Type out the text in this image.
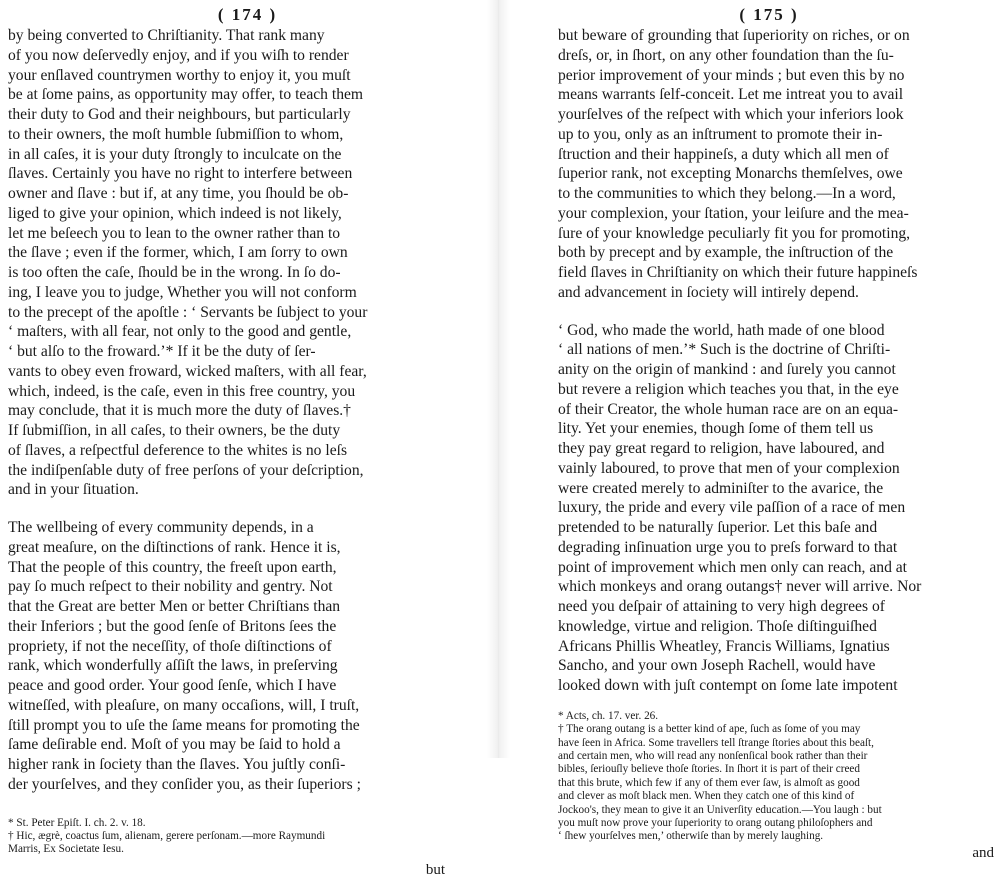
( 174 )

by being converted to Chriſtianity. That rank many
of you now deſervedly enjoy, and if you wiſh to render
your enſlaved countrymen worthy to enjoy it, you muſt
be at ſome pains, as opportunity may offer, to teach them
their duty to God and their neighbours, but particularly
to their owners, the moſt humble ſubmiſſion to whom,
in all caſes, it is your duty ſtrongly to inculcate on the
ſlaves. Certainly you have no right to interfere between
owner and ſlave : but if, at any time, you ſhould be ob-
liged to give your opinion, which indeed is not likely,
let me beſeech you to lean to the owner rather than to
the ſlave ; even if the former, which, I am ſorry to own
is too often the caſe, ſhould be in the wrong. In ſo do-
ing, I leave you to judge, Whether you will not conform
to the precept of the apoſtle : ‘ Servants be ſubject to your
‘ maſters, with all fear, not only to the good and gentle,
‘ but alſo to the froward.’* If it be the duty of ſer-
vants to obey even froward, wicked maſters, with all fear,
which, indeed, is the caſe, even in this free country, you
may conclude, that it is much more the duty of ſlaves.†
If ſubmiſſion, in all caſes, to their owners, be the duty
of ſlaves, a reſpectful deference to the whites is no leſs
the indiſpenſable duty of free perſons of your deſcription,
and in your ſituation.
The wellbeing of every community depends, in a
great meaſure, on the diſtinctions of rank. Hence it is,
That the people of this country, the freeſt upon earth,
pay ſo much reſpect to their nobility and gentry. Not
that the Great are better Men or better Chriſtians than
their Inferiors ; but the good ſenſe of Britons ſees the
propriety, if not the neceſſity, of thoſe diſtinctions of
rank, which wonderfully aſſiſt the laws, in preſerving
peace and good order. Your good ſenſe, which I have
witneſſed, with pleaſure, on many occaſions, will, I truſt,
ſtill prompt you to uſe the ſame means for promoting the
ſame deſirable end. Moſt of you may be ſaid to hold a
higher rank in ſociety than the ſlaves. You juſtly conſi-
der yourſelves, and they conſider you, as their ſuperiors ;
* St. Peter Epiſt. I. ch. 2. v. 18.
† Hic, ægrè, coactus ſum, alienam, gerere perſonam.—more Raymundi
Marris, Ex Societate Iesu.

but

( 175 )

but beware of grounding that ſuperiority on riches, or on
dreſs, or, in ſhort, on any other foundation than the ſu-
perior improvement of your minds ; but even this by no
means warrants ſelf-conceit. Let me intreat you to avail
yourſelves of the reſpect with which your inferiors look
up to you, only as an inſtrument to promote their in-
ſtruction and their happineſs, a duty which all men of
ſuperior rank, not excepting Monarchs themſelves, owe
to the communities to which they belong.—In a word,
your complexion, your ſtation, your leiſure and the mea-
ſure of your knowledge peculiarly fit you for promoting,
both by precept and by example, the inſtruction of the
field ſlaves in Chriſtianity on which their future happineſs
and advancement in ſociety will intirely depend.
‘ God, who made the world, hath made of one blood
‘ all nations of men.’* Such is the doctrine of Chriſti-
anity on the origin of mankind : and ſurely you cannot
but revere a religion which teaches you that, in the eye
of their Creator, the whole human race are on an equa-
lity. Yet your enemies, though ſome of them tell us
they pay great regard to religion, have laboured, and
vainly laboured, to prove that men of your complexion
were created merely to adminiſter to the avarice, the
luxury, the pride and every vile paſſion of a race of men
pretended to be naturally ſuperior. Let this baſe and
degrading inſinuation urge you to preſs forward to that
point of improvement which men only can reach, and at
which monkeys and orang outangs† never will arrive. Nor
need you deſpair of attaining to very high degrees of
knowledge, virtue and religion. Thoſe diſtinguiſhed
Africans Phillis Wheatley, Francis Williams, Ignatius
Sancho, and your own Joseph Rachell, would have
looked down with juſt contempt on ſome late impotent
* Acts, ch. 17. ver. 26.
† The orang outang is a better kind of ape, ſuch as ſome of you may
have ſeen in Africa. Some travellers tell ſtrange ſtories about this beaſt,
and certain men, who will read any nonſenſical book rather than their
bibles, ſeriouſly believe thoſe ſtories. In ſhort it is part of their creed
that this brute, which few if any of them ever ſaw, is almoſt as good
and clever as moſt black men. When they catch one of this kind of
Jockoo's, they mean to give it an Univerſity education.—You laugh : but
you muſt now prove your ſuperiority to orang outang philoſophers and
‘ ſhew yourſelves men,’ otherwiſe than by merely laughing.

and
